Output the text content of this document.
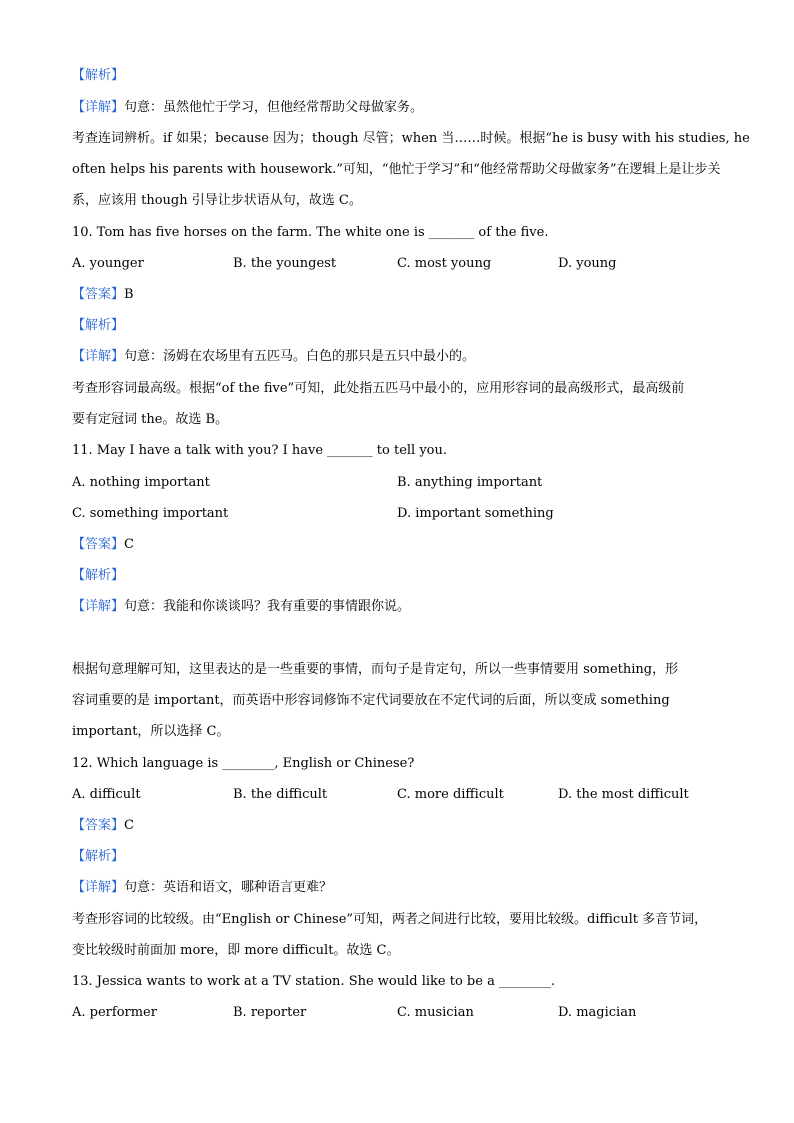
【解析】
【详解】句意：虽然他忙于学习，但他经常帮助父母做家务。
考查连词辨析。if 如果；because 因为；though 尽管；when 当……时候。根据“he is busy with his studies, he
often helps his parents with housework.”可知，“他忙于学习”和“他经常帮助父母做家务”在逻辑上是让步关
系，应该用 though 引导让步状语从句，故选 C。
10. Tom has five horses on the farm. The white one is _______ of the five.
A. younger	B. the youngest	C. most young	D. young
【答案】B
【解析】
【详解】句意：汤姆在农场里有五匹马。白色的那只是五只中最小的。
考查形容词最高级。根据“of the five”可知，此处指五匹马中最小的，应用形容词的最高级形式，最高级前
要有定冠词 the。故选 B。
11. May I have a talk with you? I have _______ to tell you.
A. nothing important	B. anything important
C. something important	D. important something
【答案】C
【解析】
【详解】句意：我能和你谈谈吗？我有重要的事情跟你说。
根据句意理解可知，这里表达的是一些重要的事情，而句子是肯定句，所以一些事情要用 something，形
容词重要的是 important，而英语中形容词修饰不定代词要放在不定代词的后面，所以变成 something
important，所以选择 C。
12. Which language is ________, English or Chinese?
A. difficult	B. the difficult	C. more difficult	D. the most difficult
【答案】C
【解析】
【详解】句意：英语和语文，哪种语言更难？
考查形容词的比较级。由“English or Chinese”可知，两者之间进行比较，要用比较级。difficult 多音节词，
变比较级时前面加 more，即 more difficult。故选 C。
13. Jessica wants to work at a TV station. She would like to be a ________.
A. performer	B. reporter	C. musician	D. magician
